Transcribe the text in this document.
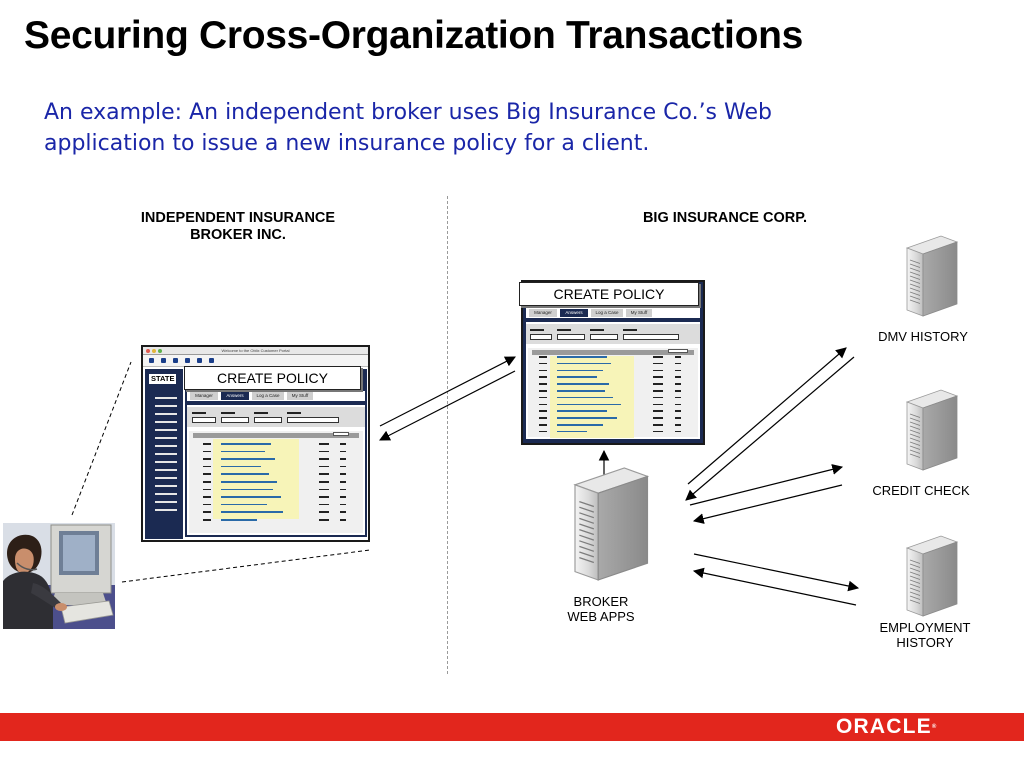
Securing Cross-Organization Transactions
An example: An independent broker uses Big Insurance Co.’s Web
application to issue a new insurance policy for a client.
INDEPENDENT INSURANCE
BROKER INC.
BIG INSURANCE CORP.
Welcome to the Oblix Customer Portal
STATE
Manager	Answers	Log a Case	My Stuff
CREATE POLICY
Manager	Answers	Log a Case	My Stuff
CREATE POLICY
BROKER
WEB APPS
DMV HISTORY
CREDIT CHECK
EMPLOYMENT
HISTORY
ORACLE®
